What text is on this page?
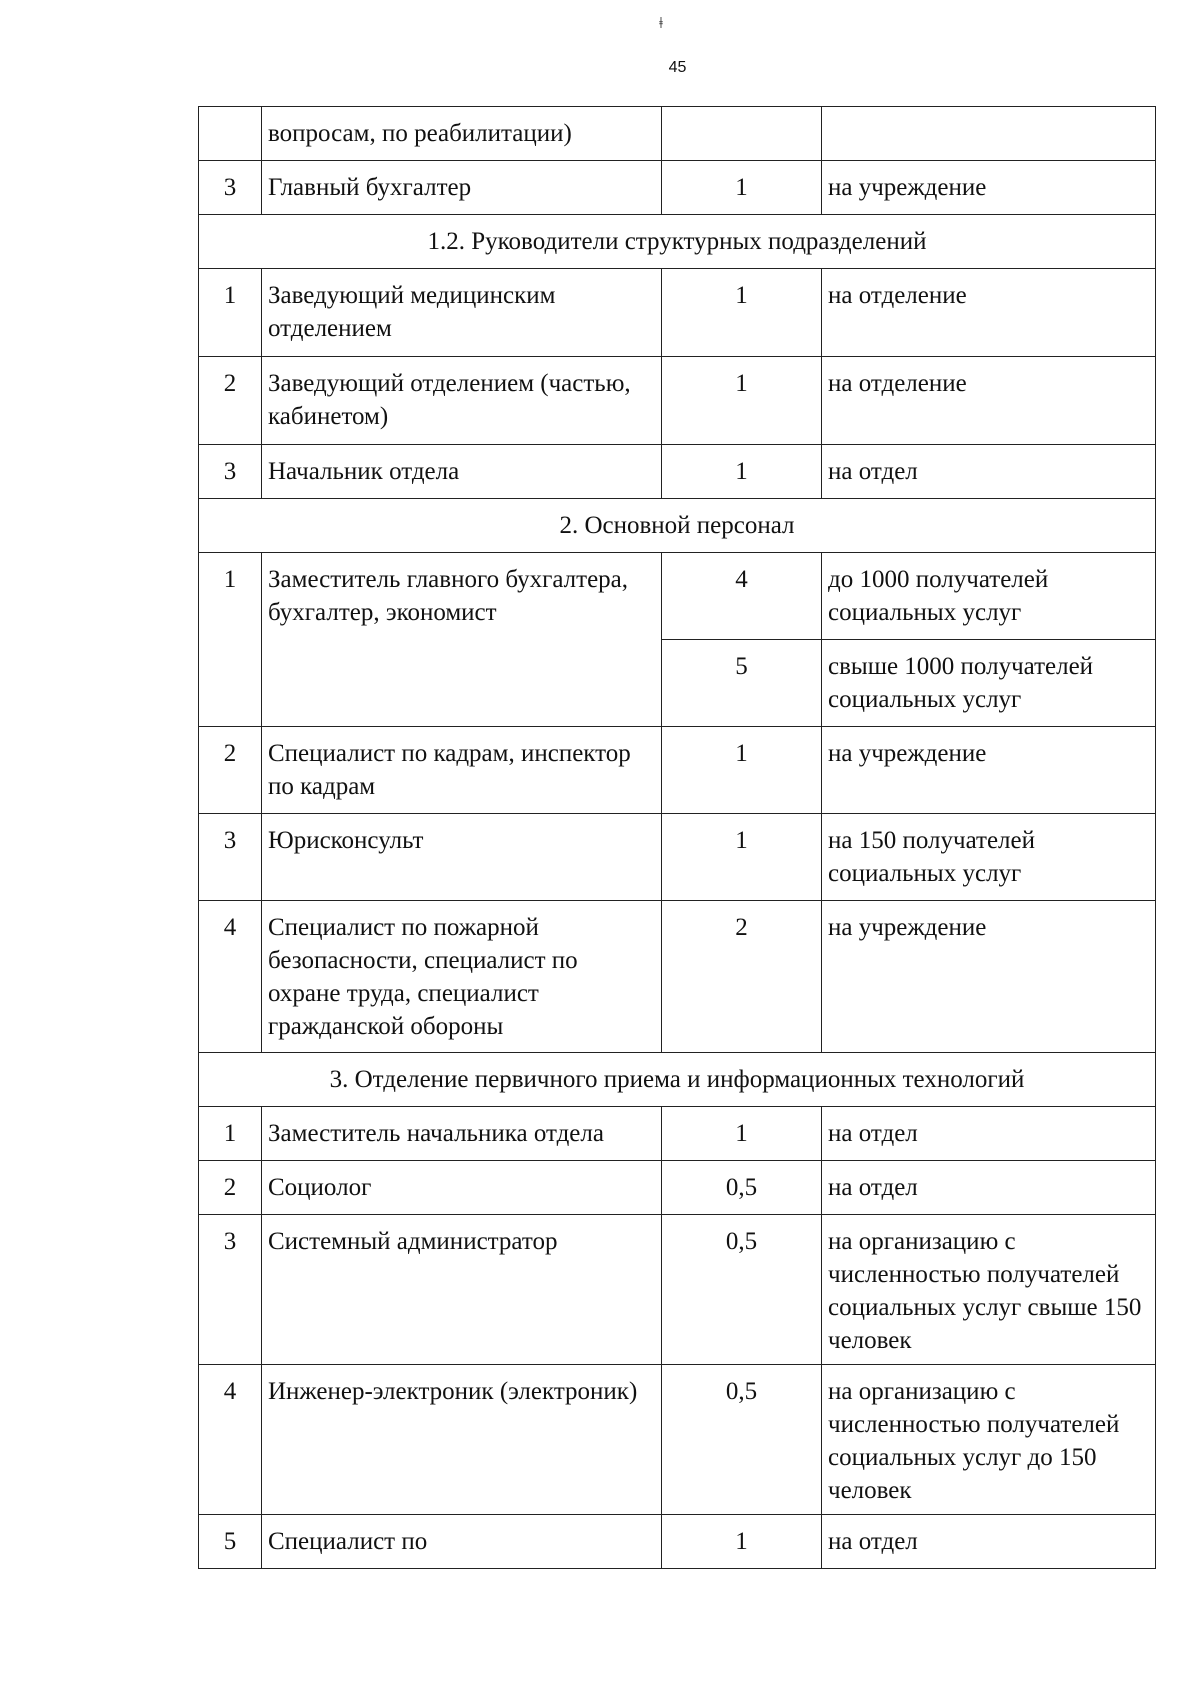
ǂ
45
	вопросам, по реабилитации)		
3	Главный бухгалтер	1	на учреждение
1.2. Руководители структурных подразделений			
1	Заведующий медицинским отделением	1	на отделение
2	Заведующий отделением (частью, кабинетом)	1	на отделение
3	Начальник отдела	1	на отдел
2. Основной персонал			
1	Заместитель главного бухгалтера, бухгалтер, экономист	4	до 1000 получателей социальных услуг
		5	свыше 1000 получателей социальных услуг
2	Специалист по кадрам, инспектор по кадрам	1	на учреждение
3	Юрисконсульт	1	на 150 получателей социальных услуг
4	Специалист по пожарной безопасности, специалист по охране труда, специалист гражданской обороны	2	на учреждение
3. Отделение первичного приема и информационных технологий			
1	Заместитель начальника отдела	1	на отдел
2	Социолог	0,5	на отдел
3	Системный администратор	0,5	на организацию с численностью получателей социальных услуг свыше 150 человек
4	Инженер-электроник (электроник)	0,5	на организацию с численностью получателей социальных услуг до 150 человек
5	Специалист по	1	на отдел
